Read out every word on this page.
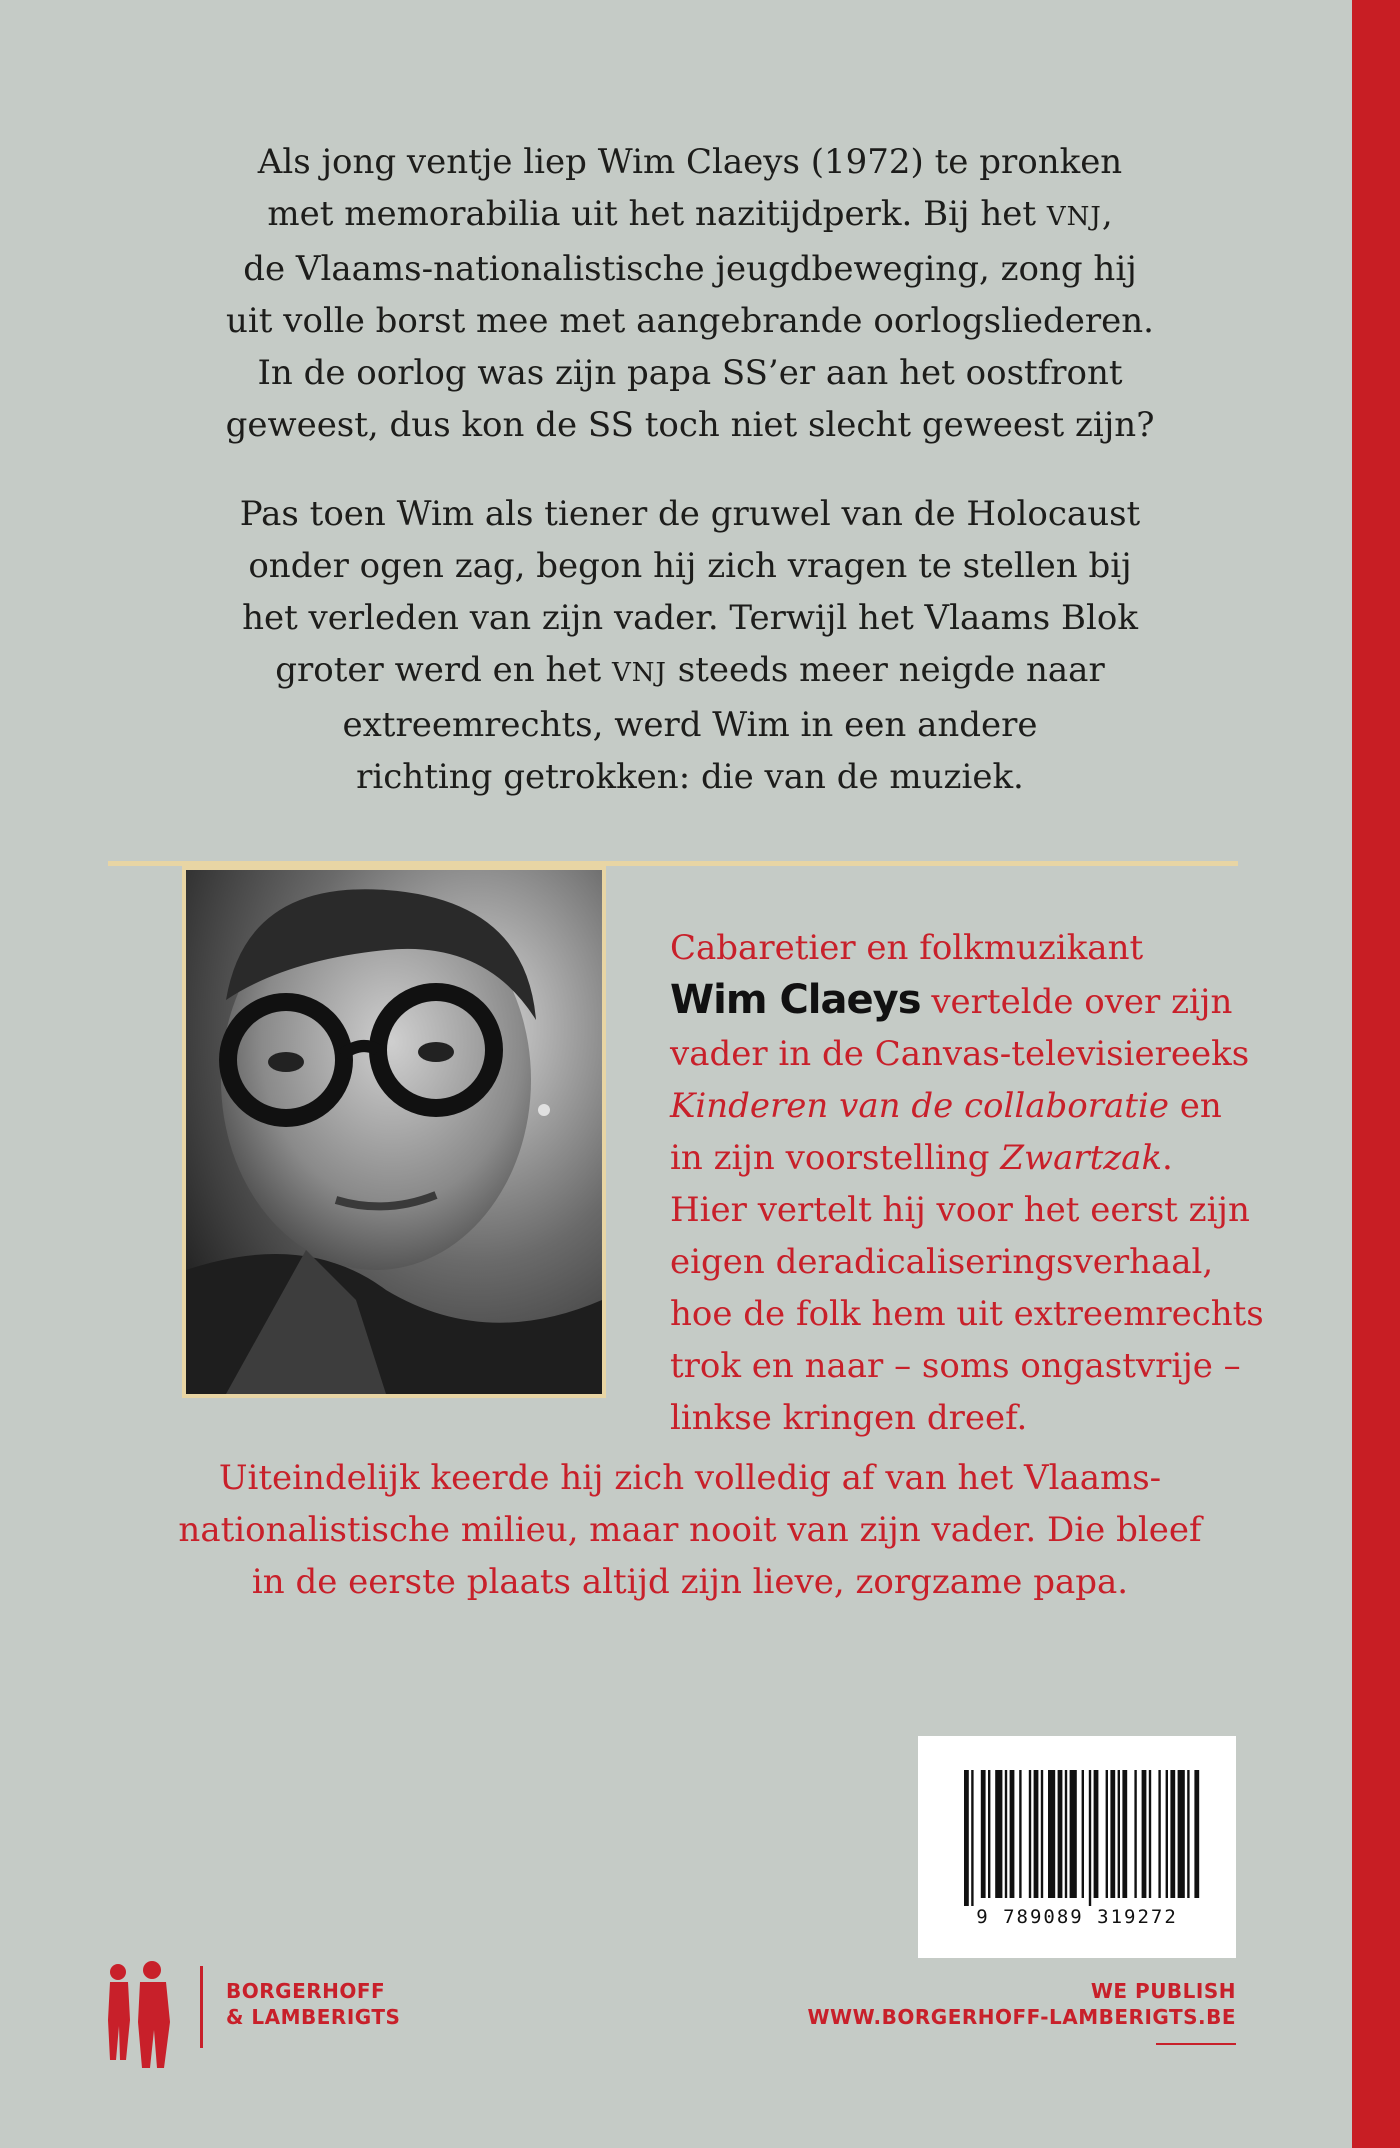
Als jong ventje liep Wim Claeys (1972) te pronken
met memorabilia uit het nazitijdperk. Bij het VNJ,
de Vlaams-nationalistische jeugdbeweging, zong hij
uit volle borst mee met aangebrande oorlogsliederen.
In de oorlog was zijn papa SS’er aan het oostfront
geweest, dus kon de SS toch niet slecht geweest zijn?
Pas toen Wim als tiener de gruwel van de Holocaust
onder ogen zag, begon hij zich vragen te stellen bij
het verleden van zijn vader. Terwijl het Vlaams Blok
groter werd en het VNJ steeds meer neigde naar
extreemrechts, werd Wim in een andere
richting getrokken: die van de muziek.
Cabaretier en folkmuzikant
Wim Claeys vertelde over zijn
vader in de Canvas-televisiereeks
Kinderen van de collaboratie en
in zijn voorstelling Zwartzak.
Hier vertelt hij voor het eerst zijn
eigen deradicaliseringsverhaal,
hoe de folk hem uit extreemrechts
trok en naar – soms ongastvrije –
linkse kringen dreef.
Uiteindelijk keerde hij zich volledig af van het Vlaams-
nationalistische milieu, maar nooit van zijn vader. Die bleef
in de eerste plaats altijd zijn lieve, zorgzame papa.
9 789089 319272
BORGERHOFF
& LAMBERIGTS
WE PUBLISH
WWW.BORGERHOFF-LAMBERIGTS.BE
